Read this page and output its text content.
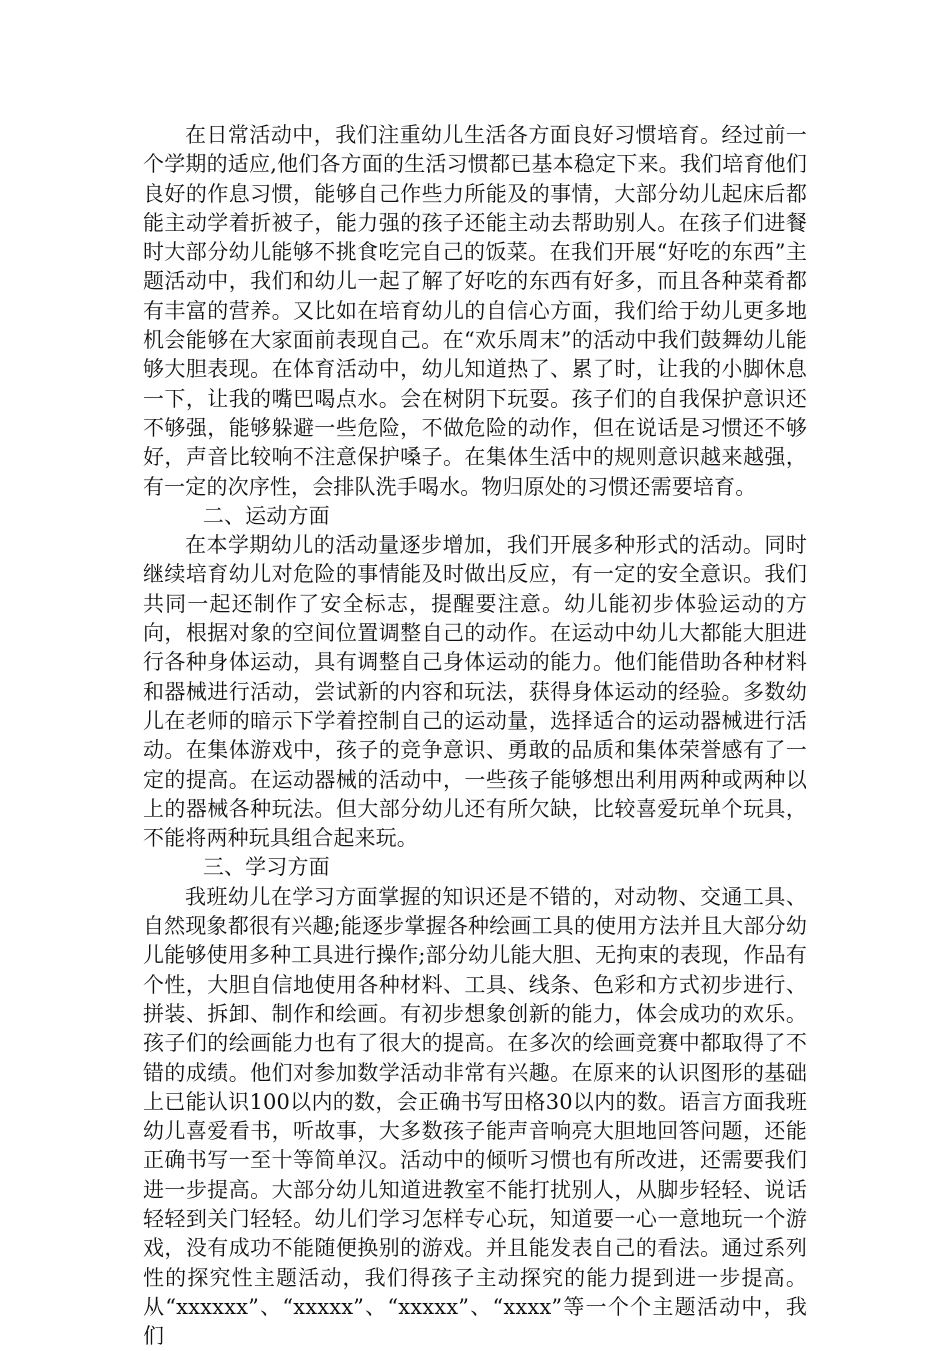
在日常活动中，我们注重幼儿生活各方面良好习惯培育。经过前一个学期的适应,他们各方面的生活习惯都已基本稳定下来。我们培育他们良好的作息习惯，能够自己作些力所能及的事情，大部分幼儿起床后都能主动学着折被子，能力强的孩子还能主动去帮助别人。在孩子们进餐时大部分幼儿能够不挑食吃完自己的饭菜。在我们开展“好吃的东西”主题活动中，我们和幼儿一起了解了好吃的东西有好多，而且各种菜肴都有丰富的营养。又比如在培育幼儿的自信心方面，我们给于幼儿更多地机会能够在大家面前表现自己。在“欢乐周末”的活动中我们鼓舞幼儿能够大胆表现。在体育活动中，幼儿知道热了、累了时，让我的小脚休息一下，让我的嘴巴喝点水。会在树阴下玩耍。孩子们的自我保护意识还不够强，能够躲避一些危险，不做危险的动作，但在说话是习惯还不够好，声音比较响不注意保护嗓子。在集体生活中的规则意识越来越强，有一定的次序性，会排队洗手喝水。物归原处的习惯还需要培育。

二、运动方面

在本学期幼儿的活动量逐步增加，我们开展多种形式的活动。同时继续培育幼儿对危险的事情能及时做出反应，有一定的安全意识。我们共同一起还制作了安全标志，提醒要注意。幼儿能初步体验运动的方向，根据对象的空间位置调整自己的动作。在运动中幼儿大都能大胆进行各种身体运动，具有调整自己身体运动的能力。他们能借助各种材料和器械进行活动，尝试新的内容和玩法，获得身体运动的经验。多数幼儿在老师的暗示下学着控制自己的运动量，选择适合的运动器械进行活动。在集体游戏中，孩子的竞争意识、勇敢的品质和集体荣誉感有了一定的提高。在运动器械的活动中，一些孩子能够想出利用两种或两种以上的器械各种玩法。但大部分幼儿还有所欠缺，比较喜爱玩单个玩具，不能将两种玩具组合起来玩。

三、学习方面

我班幼儿在学习方面掌握的知识还是不错的，对动物、交通工具、自然现象都很有兴趣;能逐步掌握各种绘画工具的使用方法并且大部分幼儿能够使用多种工具进行操作;部分幼儿能大胆、无拘束的表现，作品有个性，大胆自信地使用各种材料、工具、线条、色彩和方式初步进行、拼装、拆卸、制作和绘画。有初步想象创新的能力，体会成功的欢乐。孩子们的绘画能力也有了很大的提高。在多次的绘画竞赛中都取得了不错的成绩。他们对参加数学活动非常有兴趣。在原来的认识图形的基础上已能认识100以内的数，会正确书写田格30以内的数。语言方面我班幼儿喜爱看书，听故事，大多数孩子能声音响亮大胆地回答问题，还能正确书写一至十等简单汉。活动中的倾听习惯也有所改进，还需要我们进一步提高。大部分幼儿知道进教室不能打扰别人，从脚步轻轻、说话轻轻到关门轻轻。幼儿们学习怎样专心玩，知道要一心一意地玩一个游戏，没有成功不能随便换别的游戏。并且能发表自己的看法。通过系列性的探究性主题活动，我们得孩子主动探究的能力提到进一步提高。从“xxxxxx”、“xxxxx”、“xxxxx”、“xxxx”等一个个主题活动中，我们
